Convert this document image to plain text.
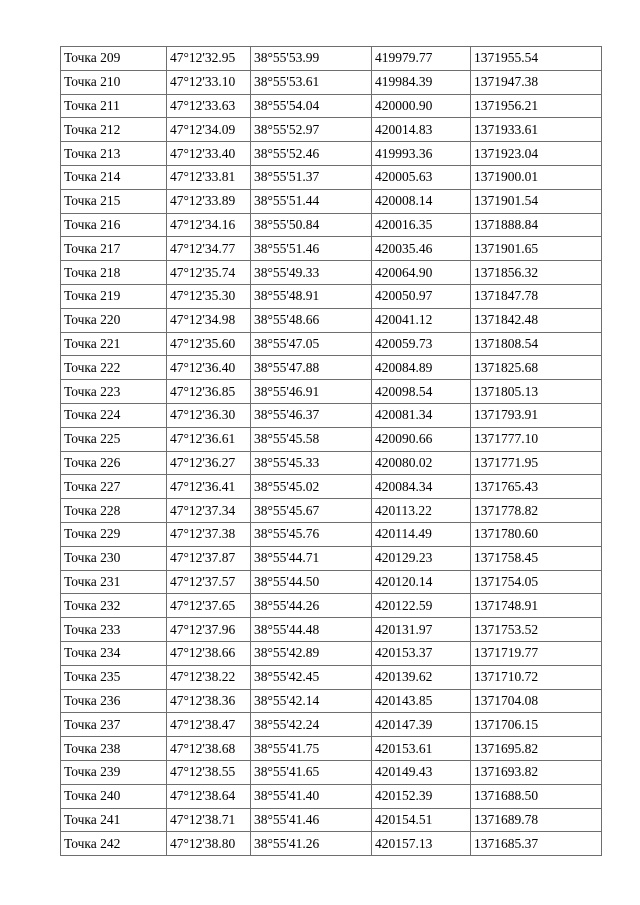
Точка 209	47°12'32.95	38°55'53.99	419979.77	1371955.54
Точка 210	47°12'33.10	38°55'53.61	419984.39	1371947.38
Точка 211	47°12'33.63	38°55'54.04	420000.90	1371956.21
Точка 212	47°12'34.09	38°55'52.97	420014.83	1371933.61
Точка 213	47°12'33.40	38°55'52.46	419993.36	1371923.04
Точка 214	47°12'33.81	38°55'51.37	420005.63	1371900.01
Точка 215	47°12'33.89	38°55'51.44	420008.14	1371901.54
Точка 216	47°12'34.16	38°55'50.84	420016.35	1371888.84
Точка 217	47°12'34.77	38°55'51.46	420035.46	1371901.65
Точка 218	47°12'35.74	38°55'49.33	420064.90	1371856.32
Точка 219	47°12'35.30	38°55'48.91	420050.97	1371847.78
Точка 220	47°12'34.98	38°55'48.66	420041.12	1371842.48
Точка 221	47°12'35.60	38°55'47.05	420059.73	1371808.54
Точка 222	47°12'36.40	38°55'47.88	420084.89	1371825.68
Точка 223	47°12'36.85	38°55'46.91	420098.54	1371805.13
Точка 224	47°12'36.30	38°55'46.37	420081.34	1371793.91
Точка 225	47°12'36.61	38°55'45.58	420090.66	1371777.10
Точка 226	47°12'36.27	38°55'45.33	420080.02	1371771.95
Точка 227	47°12'36.41	38°55'45.02	420084.34	1371765.43
Точка 228	47°12'37.34	38°55'45.67	420113.22	1371778.82
Точка 229	47°12'37.38	38°55'45.76	420114.49	1371780.60
Точка 230	47°12'37.87	38°55'44.71	420129.23	1371758.45
Точка 231	47°12'37.57	38°55'44.50	420120.14	1371754.05
Точка 232	47°12'37.65	38°55'44.26	420122.59	1371748.91
Точка 233	47°12'37.96	38°55'44.48	420131.97	1371753.52
Точка 234	47°12'38.66	38°55'42.89	420153.37	1371719.77
Точка 235	47°12'38.22	38°55'42.45	420139.62	1371710.72
Точка 236	47°12'38.36	38°55'42.14	420143.85	1371704.08
Точка 237	47°12'38.47	38°55'42.24	420147.39	1371706.15
Точка 238	47°12'38.68	38°55'41.75	420153.61	1371695.82
Точка 239	47°12'38.55	38°55'41.65	420149.43	1371693.82
Точка 240	47°12'38.64	38°55'41.40	420152.39	1371688.50
Точка 241	47°12'38.71	38°55'41.46	420154.51	1371689.78
Точка 242	47°12'38.80	38°55'41.26	420157.13	1371685.37
